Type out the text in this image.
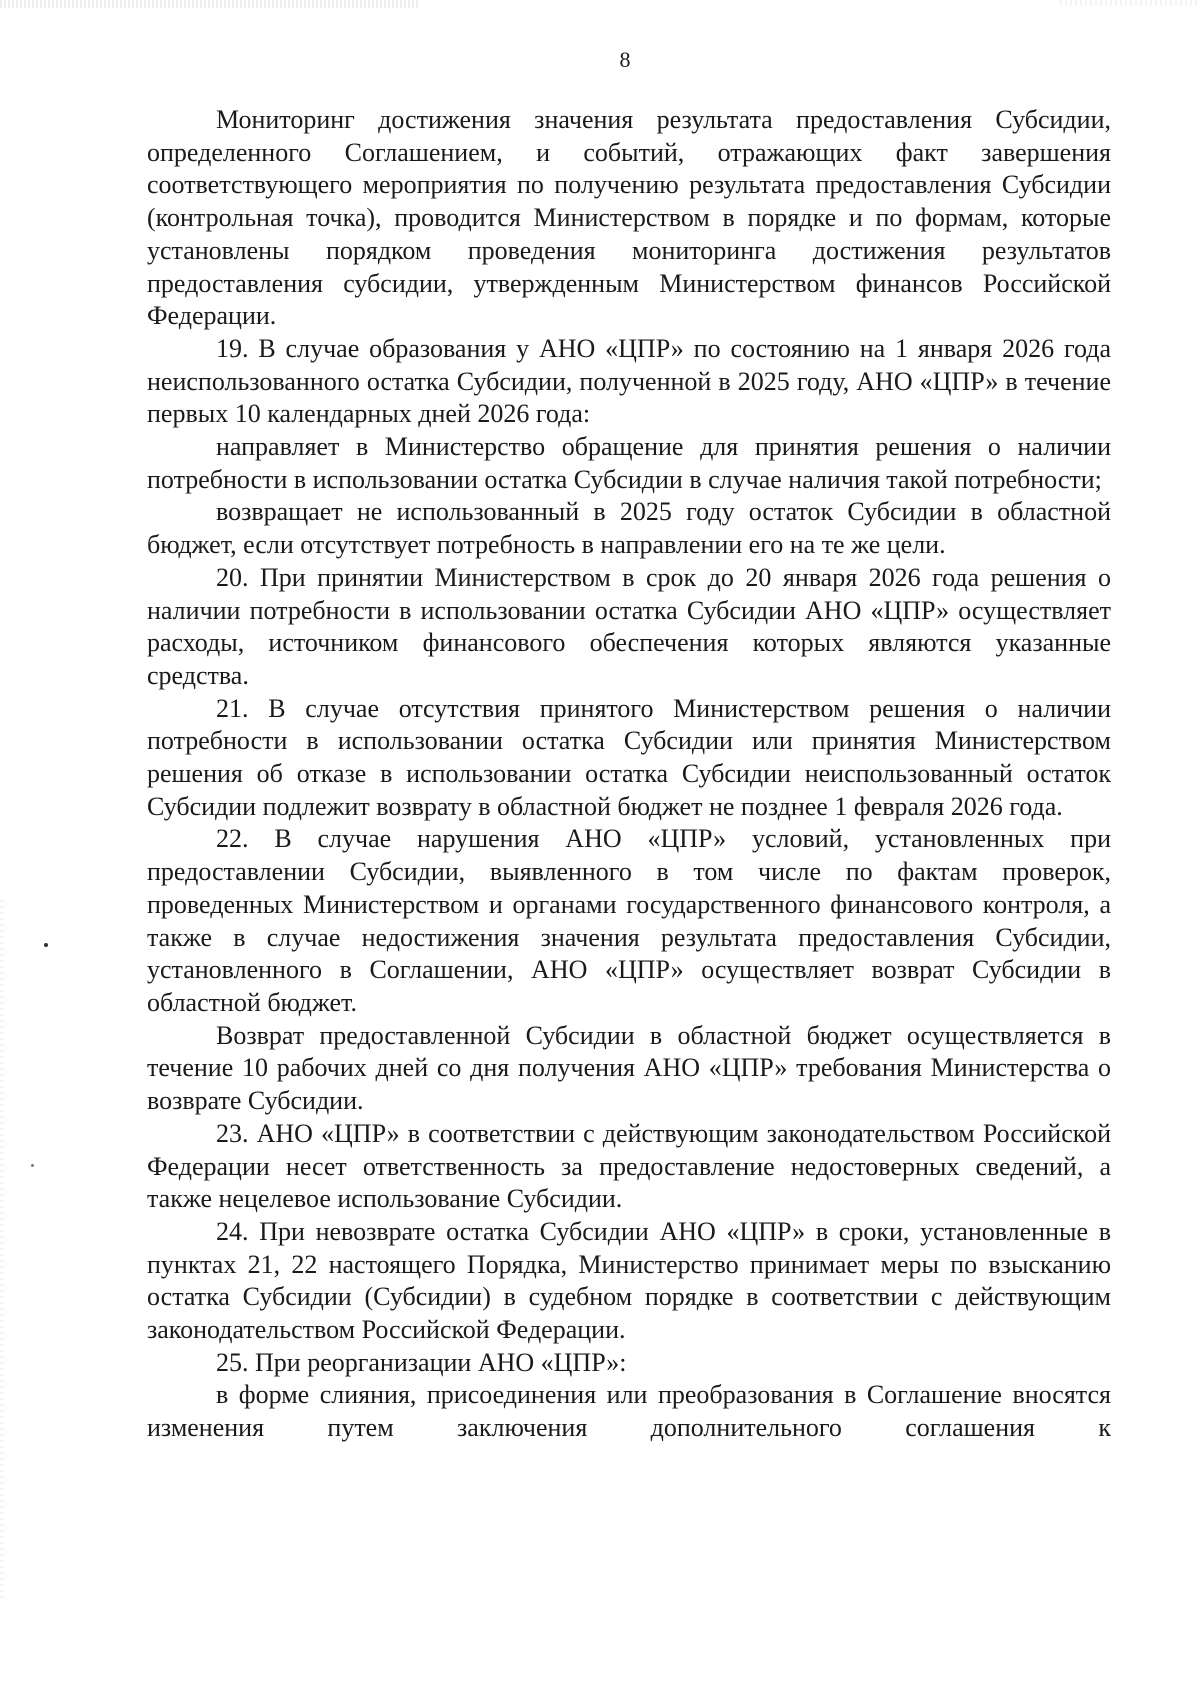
8

Мониторинг достижения значения результата предоставления Субсидии, определенного Соглашением, и событий, отражающих факт завершения соответствующего мероприятия по получению результата предоставления Субсидии (контрольная точка), проводится Министерством в порядке и по формам, которые установлены порядком проведения мониторинга достижения результатов предоставления субсидии, утвержденным Министерством финансов Российской Федерации.

19. В случае образования у АНО «ЦПР» по состоянию на 1 января 2026 года неиспользованного остатка Субсидии, полученной в 2025 году, АНО «ЦПР» в течение первых 10 календарных дней 2026 года:

направляет в Министерство обращение для принятия решения о наличии потребности в использовании остатка Субсидии в случае наличия такой потребности;

возвращает не использованный в 2025 году остаток Субсидии в областной бюджет, если отсутствует потребность в направлении его на те же цели.

20. При принятии Министерством в срок до 20 января 2026 года решения о наличии потребности в использовании остатка Субсидии АНО «ЦПР» осуществляет расходы, источником финансового обеспечения которых являются указанные средства.

21. В случае отсутствия принятого Министерством решения о наличии потребности в использовании остатка Субсидии или принятия Министерством решения об отказе в использовании остатка Субсидии неиспользованный остаток Субсидии подлежит возврату в областной бюджет не позднее 1 февраля 2026 года.

22. В случае нарушения АНО «ЦПР» условий, установленных при предоставлении Субсидии, выявленного в том числе по фактам проверок, проведенных Министерством и органами государственного финансового контроля, а также в случае недостижения значения результата предоставления Субсидии, установленного в Соглашении, АНО «ЦПР» осуществляет возврат Субсидии в областной бюджет.

Возврат предоставленной Субсидии в областной бюджет осуществляется в течение 10 рабочих дней со дня получения АНО «ЦПР» требования Министерства о возврате Субсидии.

23. АНО «ЦПР» в соответствии с действующим законодательством Российской Федерации несет ответственность за предоставление недостоверных сведений, а также нецелевое использование Субсидии.

24. При невозврате остатка Субсидии АНО «ЦПР» в сроки, установленные в пунктах 21, 22 настоящего Порядка, Министерство принимает меры по взысканию остатка Субсидии (Субсидии) в судебном порядке в соответствии с действующим законодательством Российской Федерации.

25. При реорганизации АНО «ЦПР»:

в форме слияния, присоединения или преобразования в Соглашение вносятся изменения путем заключения дополнительного соглашения к
